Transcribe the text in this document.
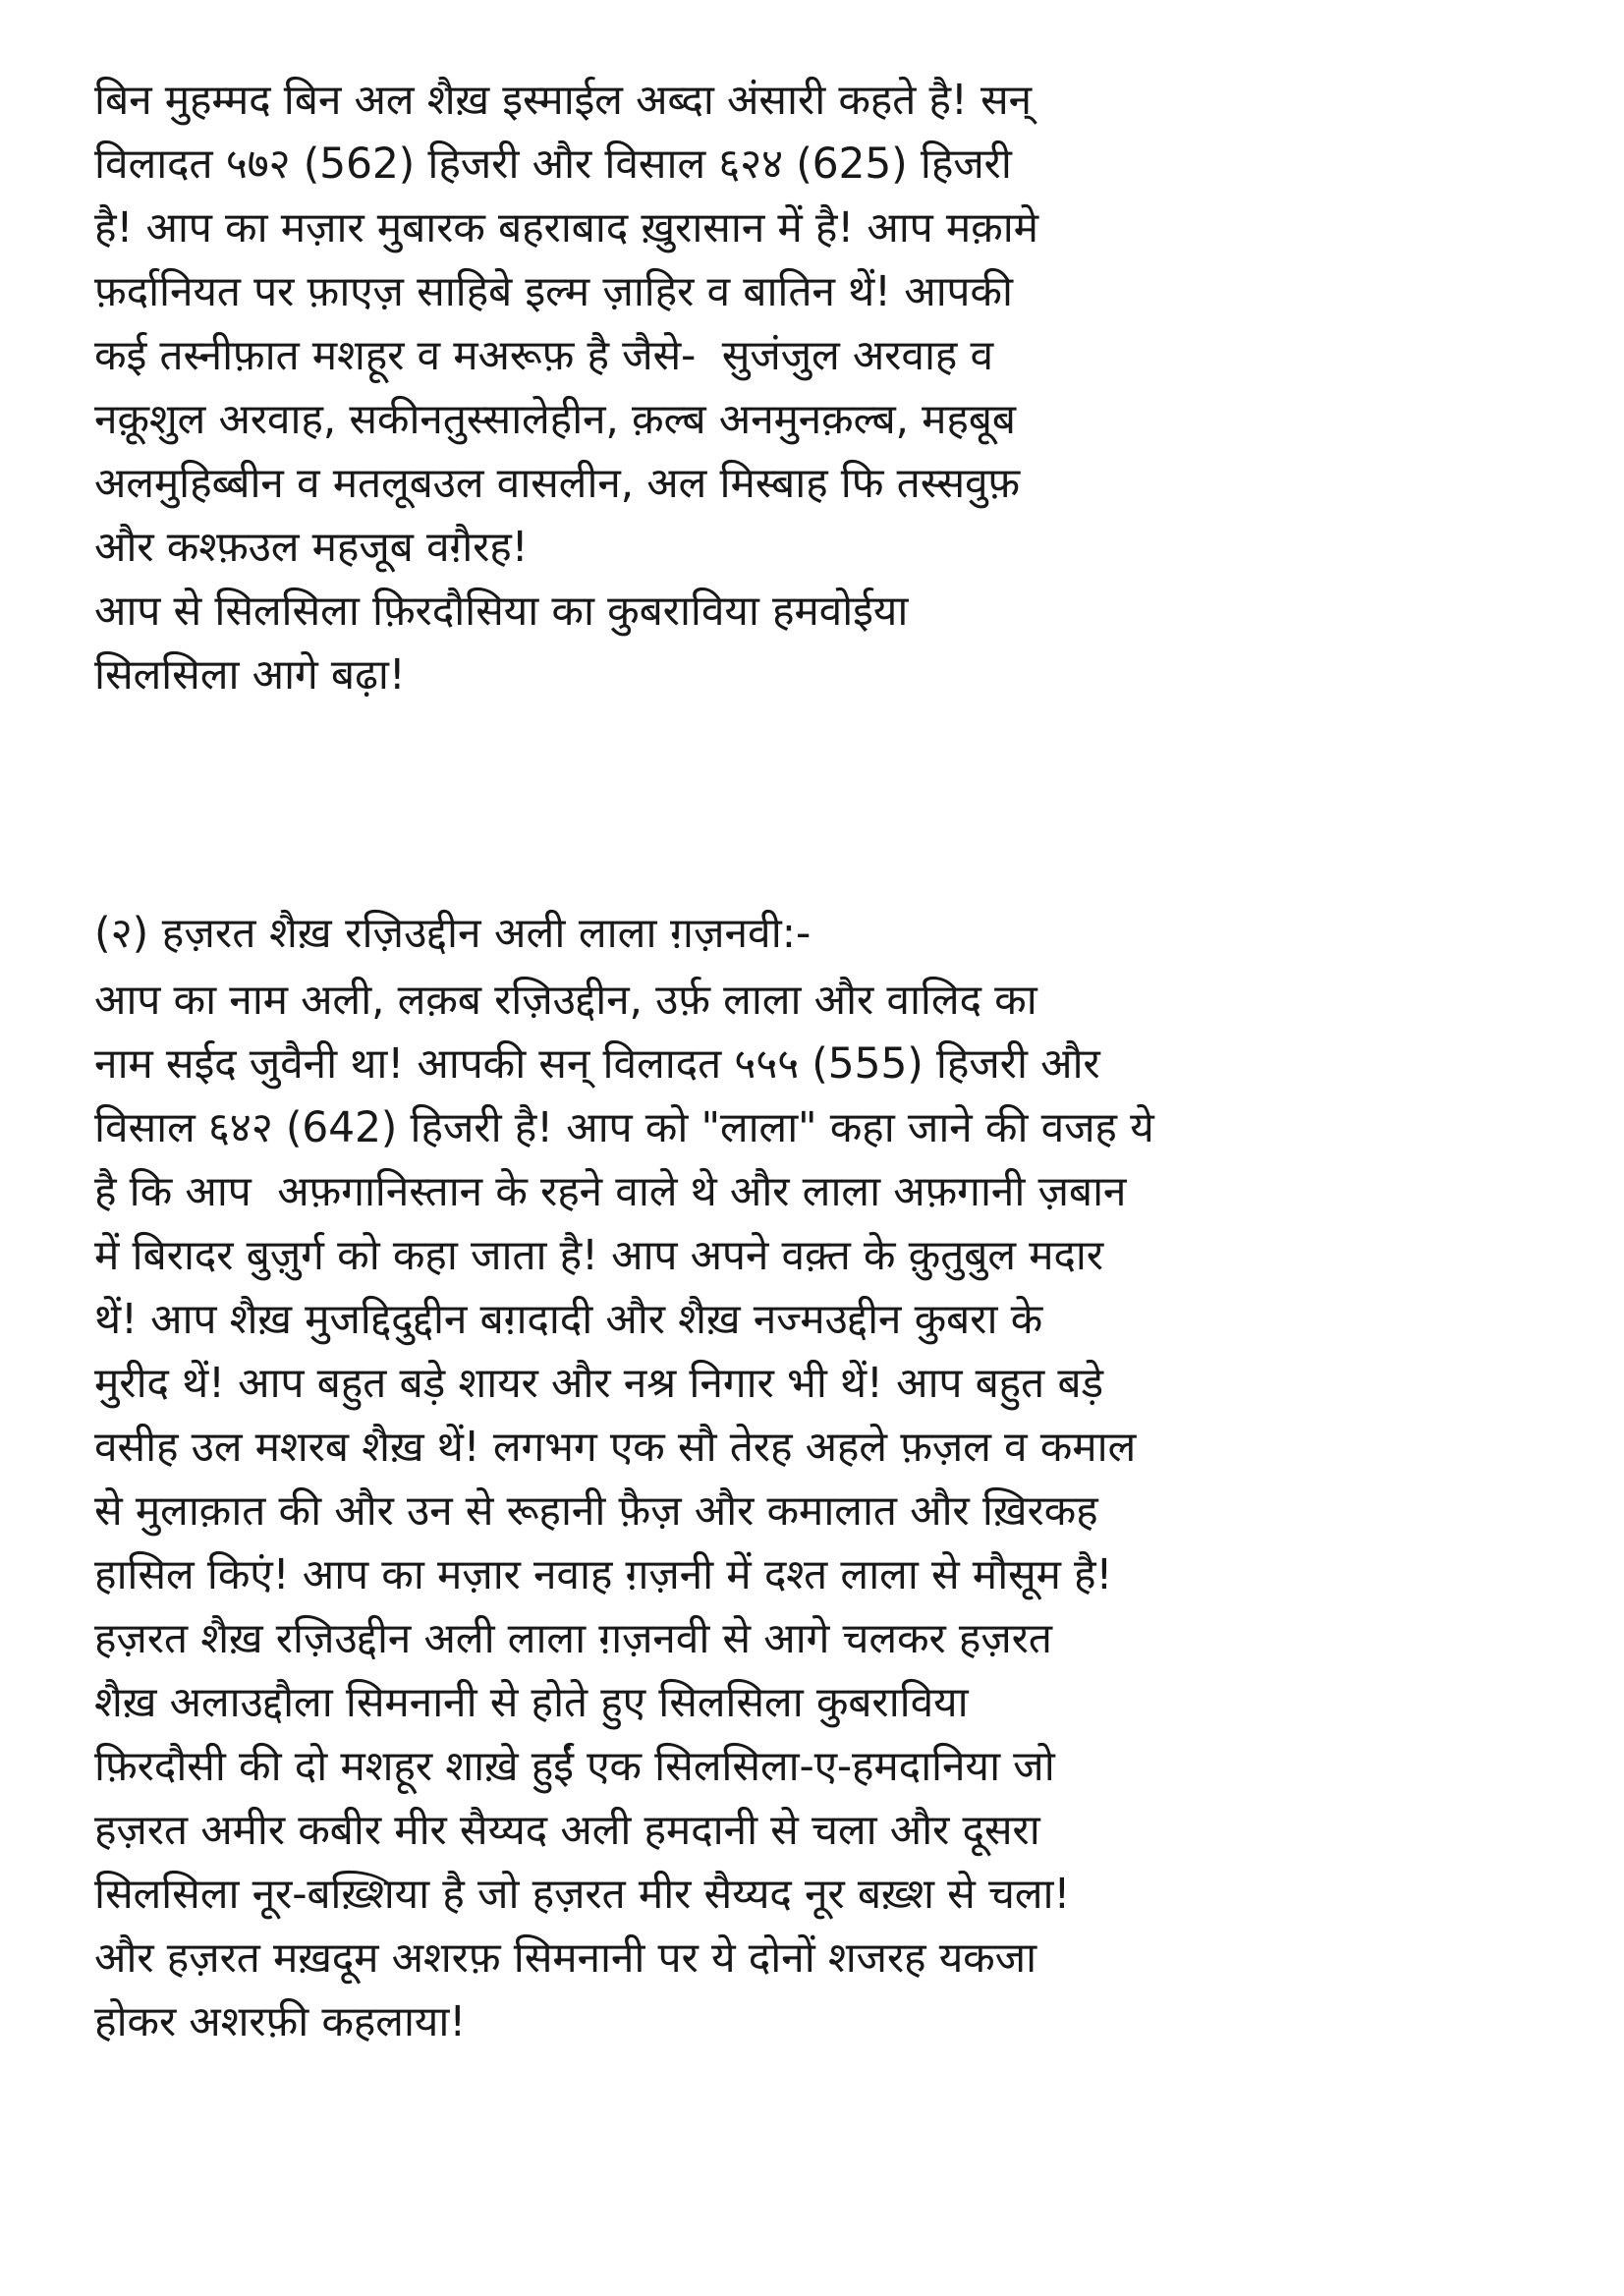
बिन मुहम्मद बिन अल शैख़ इस्माईल अब्दा अंसारी कहते है! सन्
विलादत ५७२ (562) हिजरी और विसाल ६२४ (625) हिजरी
है! आप का मज़ार मुबारक बहराबाद ख़ुरासान में है! आप मक़ामे
फ़र्दानियत पर फ़ाएज़ साहिबे इल्म ज़ाहिर व बातिन थें! आपकी
कई तस्नीफ़ात मशहूर व मअरूफ़ है जैसे-  सुजंजुल अरवाह व
नक़ूशुल अरवाह, सकीनतुस्सालेहीन, क़ल्ब अनमुनक़ल्ब, महबूब
अलमुहिब्बीन व मतलूबउल वासलीन, अल मिस्बाह फि तस्सवुफ़
और कश्फ़उल महजूब वग़ैरह!
आप से सिलसिला फ़िरदौसिया का कुबराविया हमवोईया
सिलसिला आगे बढ़ा!
(२) हज़रत शैख़ रज़िउद्दीन अली लाला ग़ज़नवी:-
आप का नाम अली, लक़ब रज़िउद्दीन, उर्फ़ लाला और वालिद का
नाम सईद जुवैनी था! आपकी सन् विलादत ५५५ (555) हिजरी और
विसाल ६४२ (642) हिजरी है! आप को "लाला" कहा जाने की वजह ये
है कि आप  अफ़गानिस्तान के रहने वाले थे और लाला अफ़गानी ज़बान
में बिरादर बुज़ुर्ग को कहा जाता है! आप अपने वक़्त के क़ुतुबुल मदार
थें! आप शैख़ मुजद्दिदुद्दीन बग़दादी और शैख़ नज्मउद्दीन कुबरा के
मुरीद थें! आप बहुत बड़े शायर और नश्र निगार भी थें! आप बहुत बड़े
वसीह उल मशरब शैख़ थें! लगभग एक सौ तेरह अहले फ़ज़ल व कमाल
से मुलाक़ात की और उन से रूहानी फ़ैज़ और कमालात और ख़िरकह
हासिल किएं! आप का मज़ार नवाह ग़ज़नी में दश्त लाला से मौसूम है!
हज़रत शैख़ रज़िउद्दीन अली लाला ग़ज़नवी से आगे चलकर हज़रत
शैख़ अलाउद्दौला सिमनानी से होते हुए सिलसिला कुबराविया
फ़िरदौसी की दो मशहूर शाख़े हुईं एक सिलसिला-ए-हमदानिया जो
हज़रत अमीर कबीर मीर सैय्यद अली हमदानी से चला और दूसरा
सिलसिला नूर-बख़्शिया है जो हज़रत मीर सैय्यद नूर बख़्श से चला!
और हज़रत मख़दूम अशरफ़ सिमनानी पर ये दोनों शजरह यकजा
होकर अशरफ़ी कहलाया!
